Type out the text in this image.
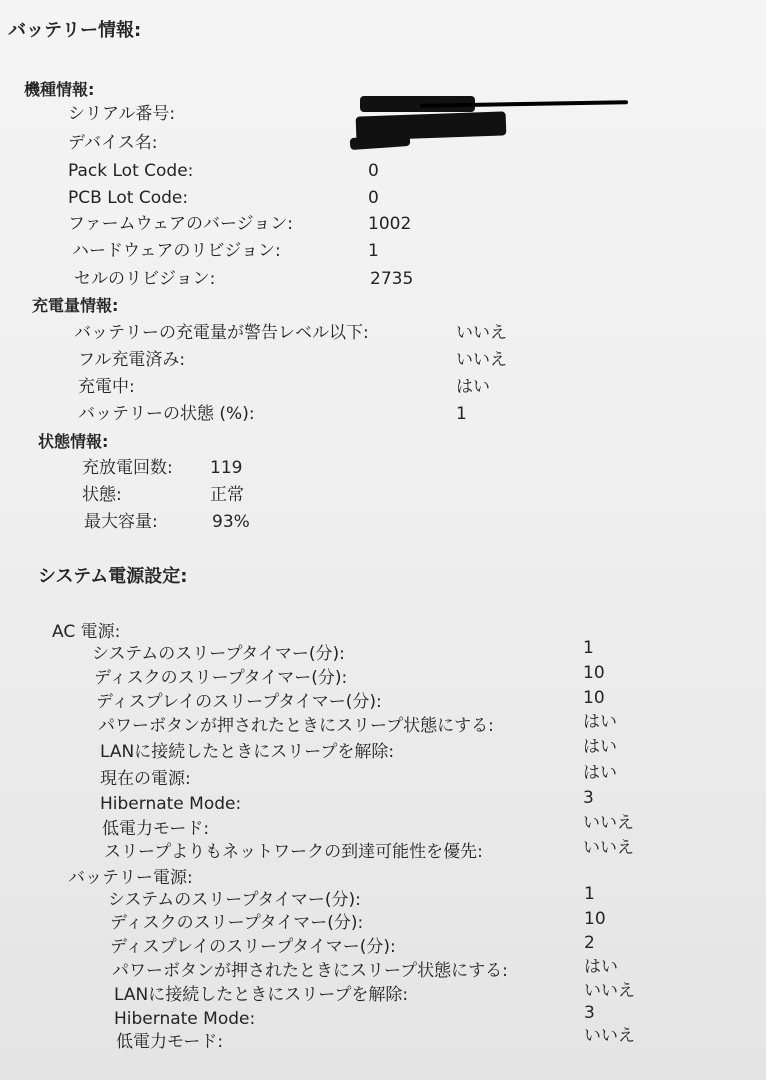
バッテリー情報:
機種情報:
シリアル番号:
デバイス名:
Pack Lot Code:	0
PCB Lot Code:	0
ファームウェアのバージョン:	1002
ハードウェアのリビジョン:	1
セルのリビジョン:	2735
充電量情報:
バッテリーの充電量が警告レベル以下:	いいえ
フル充電済み:	いいえ
充電中:	はい
バッテリーの状態 (%):	1
状態情報:
充放電回数: 119
状態:	正常
最大容量:	93%
システム電源設定:
AC 電源:
システムのスリープタイマー(分):	1
ディスクのスリープタイマー(分):	10
ディスプレイのスリープタイマー(分):	10
パワーボタンが押されたときにスリープ状態にする:	はい
LANに接続したときにスリープを解除:	はい
現在の電源:	はい
Hibernate Mode:	3
低電力モード:	いいえ
スリープよりもネットワークの到達可能性を優先:	いいえ
バッテリー電源:
システムのスリープタイマー(分):	1
ディスクのスリープタイマー(分):	10
ディスプレイのスリープタイマー(分):	2
パワーボタンが押されたときにスリープ状態にする:	はい
LANに接続したときにスリープを解除:	いいえ
Hibernate Mode:	3
低電力モード:	いいえ
